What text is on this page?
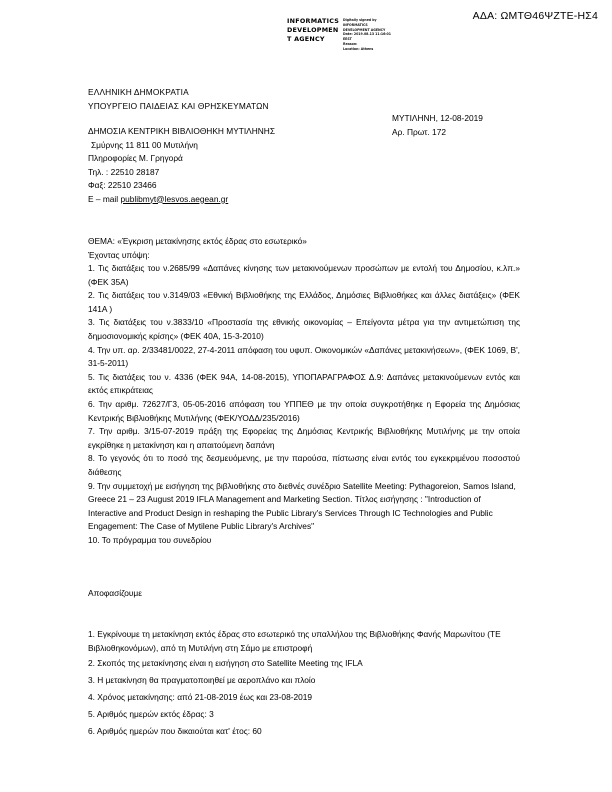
ΑΔΑ: ΩΜΤΘ46ΨΖΤΕ-ΗΣ4
INFORMATICS
DEVELOPMEN
T AGENCY
Digitally signed by
INFORMATICS
DEVELOPMENT AGENCY
Date: 2019.08.13 11:16:01
EEST
Reason:
Location: Athens
ΕΛΛΗΝΙΚΗ ΔΗΜΟΚΡΑΤΙΑ
ΥΠΟΥΡΓΕΙΟ ΠΑΙΔΕΙΑΣ ΚΑΙ ΘΡΗΣΚΕΥΜΑΤΩΝ
ΜΥΤΙΛΗΝΗ, 12-08-2019
Αρ. Πρωτ. 172
ΔΗΜΟΣΙΑ ΚΕΝΤΡΙΚΗ ΒΙΒΛΙΟΘΗΚΗ ΜΥΤΙΛΗΝΗΣ
Σμύρνης 11 811 00 Μυτιλήνη
Πληροφορίες Μ. Γρηγορά
Τηλ. : 22510 28187
Φαξ: 22510 23466
E – mail publibmyt@lesvos.aegean.gr
ΘΕΜΑ: «Έγκριση μετακίνησης εκτός έδρας στο εσωτερικό»
Έχοντας υπόψη:

1. Τις διατάξεις του ν.2685/99 «Δαπάνες κίνησης των μετακινούμενων προσώπων με εντολή του Δημοσίου, κ.λπ.» (ΦΕΚ 35Α)

2. Τις διατάξεις του ν.3149/03 «Εθνική Βιβλιοθήκης της Ελλάδος, Δημόσιες Βιβλιοθήκες και άλλες διατάξεις» (ΦΕΚ 141Α )

3. Τις διατάξεις του ν.3833/10 «Προστασία της εθνικής οικονομίας – Επείγοντα μέτρα για την αντιμετώπιση της δημοσιονομικής κρίσης» (ΦΕΚ 40Α, 15-3-2010)

4. Την υπ. αρ. 2/33481/0022, 27-4-2011 απόφαση του υφυπ. Οικονομικών «Δαπάνες μετακινήσεων», (ΦΕΚ 1069, Β', 31-5-2011)

5. Τις διατάξεις του ν. 4336 (ΦΕΚ 94Α, 14-08-2015), ΥΠΟΠΑΡΑΓΡΑΦΟΣ Δ.9: Δαπάνες μετακινούμενων εντός και εκτός επικράτειας

6. Την αριθμ. 72627/Γ3, 05-05-2016 απόφαση του ΥΠΠΕΘ με την οποία συγκροτήθηκε η Εφορεία της Δημόσιας Κεντρικής Βιβλιοθήκης Μυτιλήνης (ΦΕΚ/ΥΟΔΔ/235/2016)

7. Την αριθμ. 3/15-07-2019 πράξη της Εφορείας της Δημόσιας Κεντρικής Βιβλιοθήκης Μυτιλήνης με την οποία εγκρίθηκε η μετακίνηση και η απαιτούμενη δαπάνη

8. Το γεγονός ότι το ποσό της δεσμευόμενης, με την παρούσα, πίστωσης είναι εντός του εγκεκριμένου ποσοστού διάθεσης

9. Την συμμετοχή με εισήγηση της βιβλιοθήκης στο διεθνές συνέδριο Satellite Meeting: Pythagoreion, Samos Island, Greece 21 – 23 August 2019 IFLA Management and Marketing Section. Τίτλος εισήγησης : "Introduction of Interactive and Product Design in reshaping the Public Library's Services Through IC Technologies and Public Engagement: The Case of Mytilene Public Library's Archives"

10. Το πρόγραμμα του συνεδρίου

Αποφασίζουμε

1. Εγκρίνουμε τη μετακίνηση εκτός έδρας στο εσωτερικό της υπαλλήλου της Βιβλιοθήκης Φανής Μαρωνίτου (ΤΕ Βιβλιοθηκονόμων), από τη Μυτιλήνη στη Σάμο με επιστροφή

2. Σκοπός της μετακίνησης είναι η εισήγηση στο Satellite Meeting της IFLA

3. Η μετακίνηση θα πραγματοποιηθεί με αεροπλάνο και πλοίο

4. Χρόνος μετακίνησης: από 21-08-2019 έως και 23-08-2019

5. Αριθμός ημερών εκτός έδρας: 3

6. Αριθμός ημερών που δικαιούται κατ' έτος: 60
